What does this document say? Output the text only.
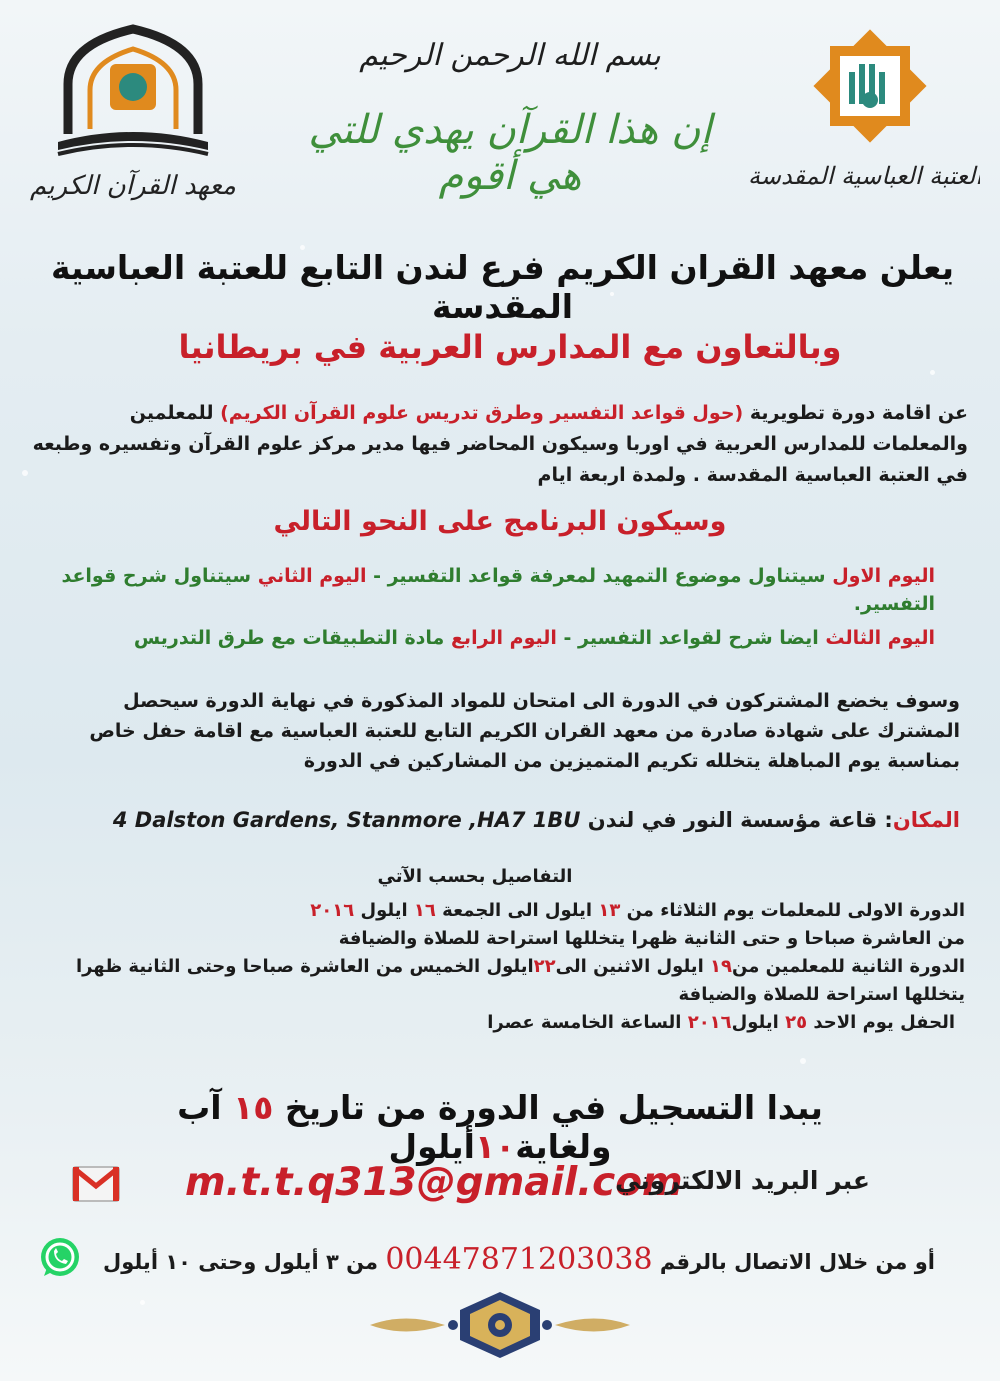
معهد القرآن الكريم
بسم الله الرحمن الرحيم
إن هذا القرآن يهدي للتي هي أقوم	العتبة العباسية المقدسة
يعلن معهد القران الكريم فرع لندن التابع للعتبة العباسية المقدسة
وبالتعاون مع المدارس العربية في بريطانيا
عن اقامة دورة تطويرية (حول قواعد التفسير وطرق تدريس علوم القرآن الكريم) للمعلمين والمعلمات للمدارس العربية في اوربا وسيكون المحاضر فيها مدير مركز علوم القرآن وتفسيره وطبعه في العتبة العباسية المقدسة . ولمدة اربعة ايام
وسيكون البرنامج على النحو التالي
اليوم الاول سيتناول موضوع التمهيد لمعرفة قواعد التفسير - اليوم الثاني سيتناول شرح قواعد التفسير.
اليوم الثالث ايضا شرح لقواعد التفسير - اليوم الرابع مادة التطبيقات مع طرق التدريس
وسوف يخضع المشتركون في الدورة الى امتحان للمواد المذكورة في نهاية الدورة سيحصل المشترك على شهادة صادرة من معهد القران الكريم التابع للعتبة العباسية مع اقامة حفل خاص بمناسبة يوم المباهلة يتخلله تكريم المتميزين من المشاركين في الدورة
المكان: قاعة مؤسسة النور في لندن 4 Dalston Gardens, Stanmore ,HA7 1BU
التفاصيل بحسب الآتي
الدورة الاولى للمعلمات يوم الثلاثاء من ١٣ ايلول الى الجمعة ١٦ ايلول ٢٠١٦
من العاشرة صباحا و حتى الثانية ظهرا يتخللها استراحة للصلاة والضيافة
الدورة الثانية للمعلمين من١٩ ايلول الاثنين الى٢٢ايلول الخميس من العاشرة صباحا وحتى الثانية ظهرا يتخللها استراحة للصلاة والضيافة
الحفل يوم الاحد ٢٥ ايلول٢٠١٦ الساعة الخامسة عصرا
يبدا التسجيل في الدورة من تاريخ ١٥ آب ولغاية١٠أيلول
m.t.t.q313@gmail.com
عبر البريد الالكتروني
أو من خلال الاتصال بالرقم 00447871203038 من ٣ أيلول وحتى ١٠ أيلول
